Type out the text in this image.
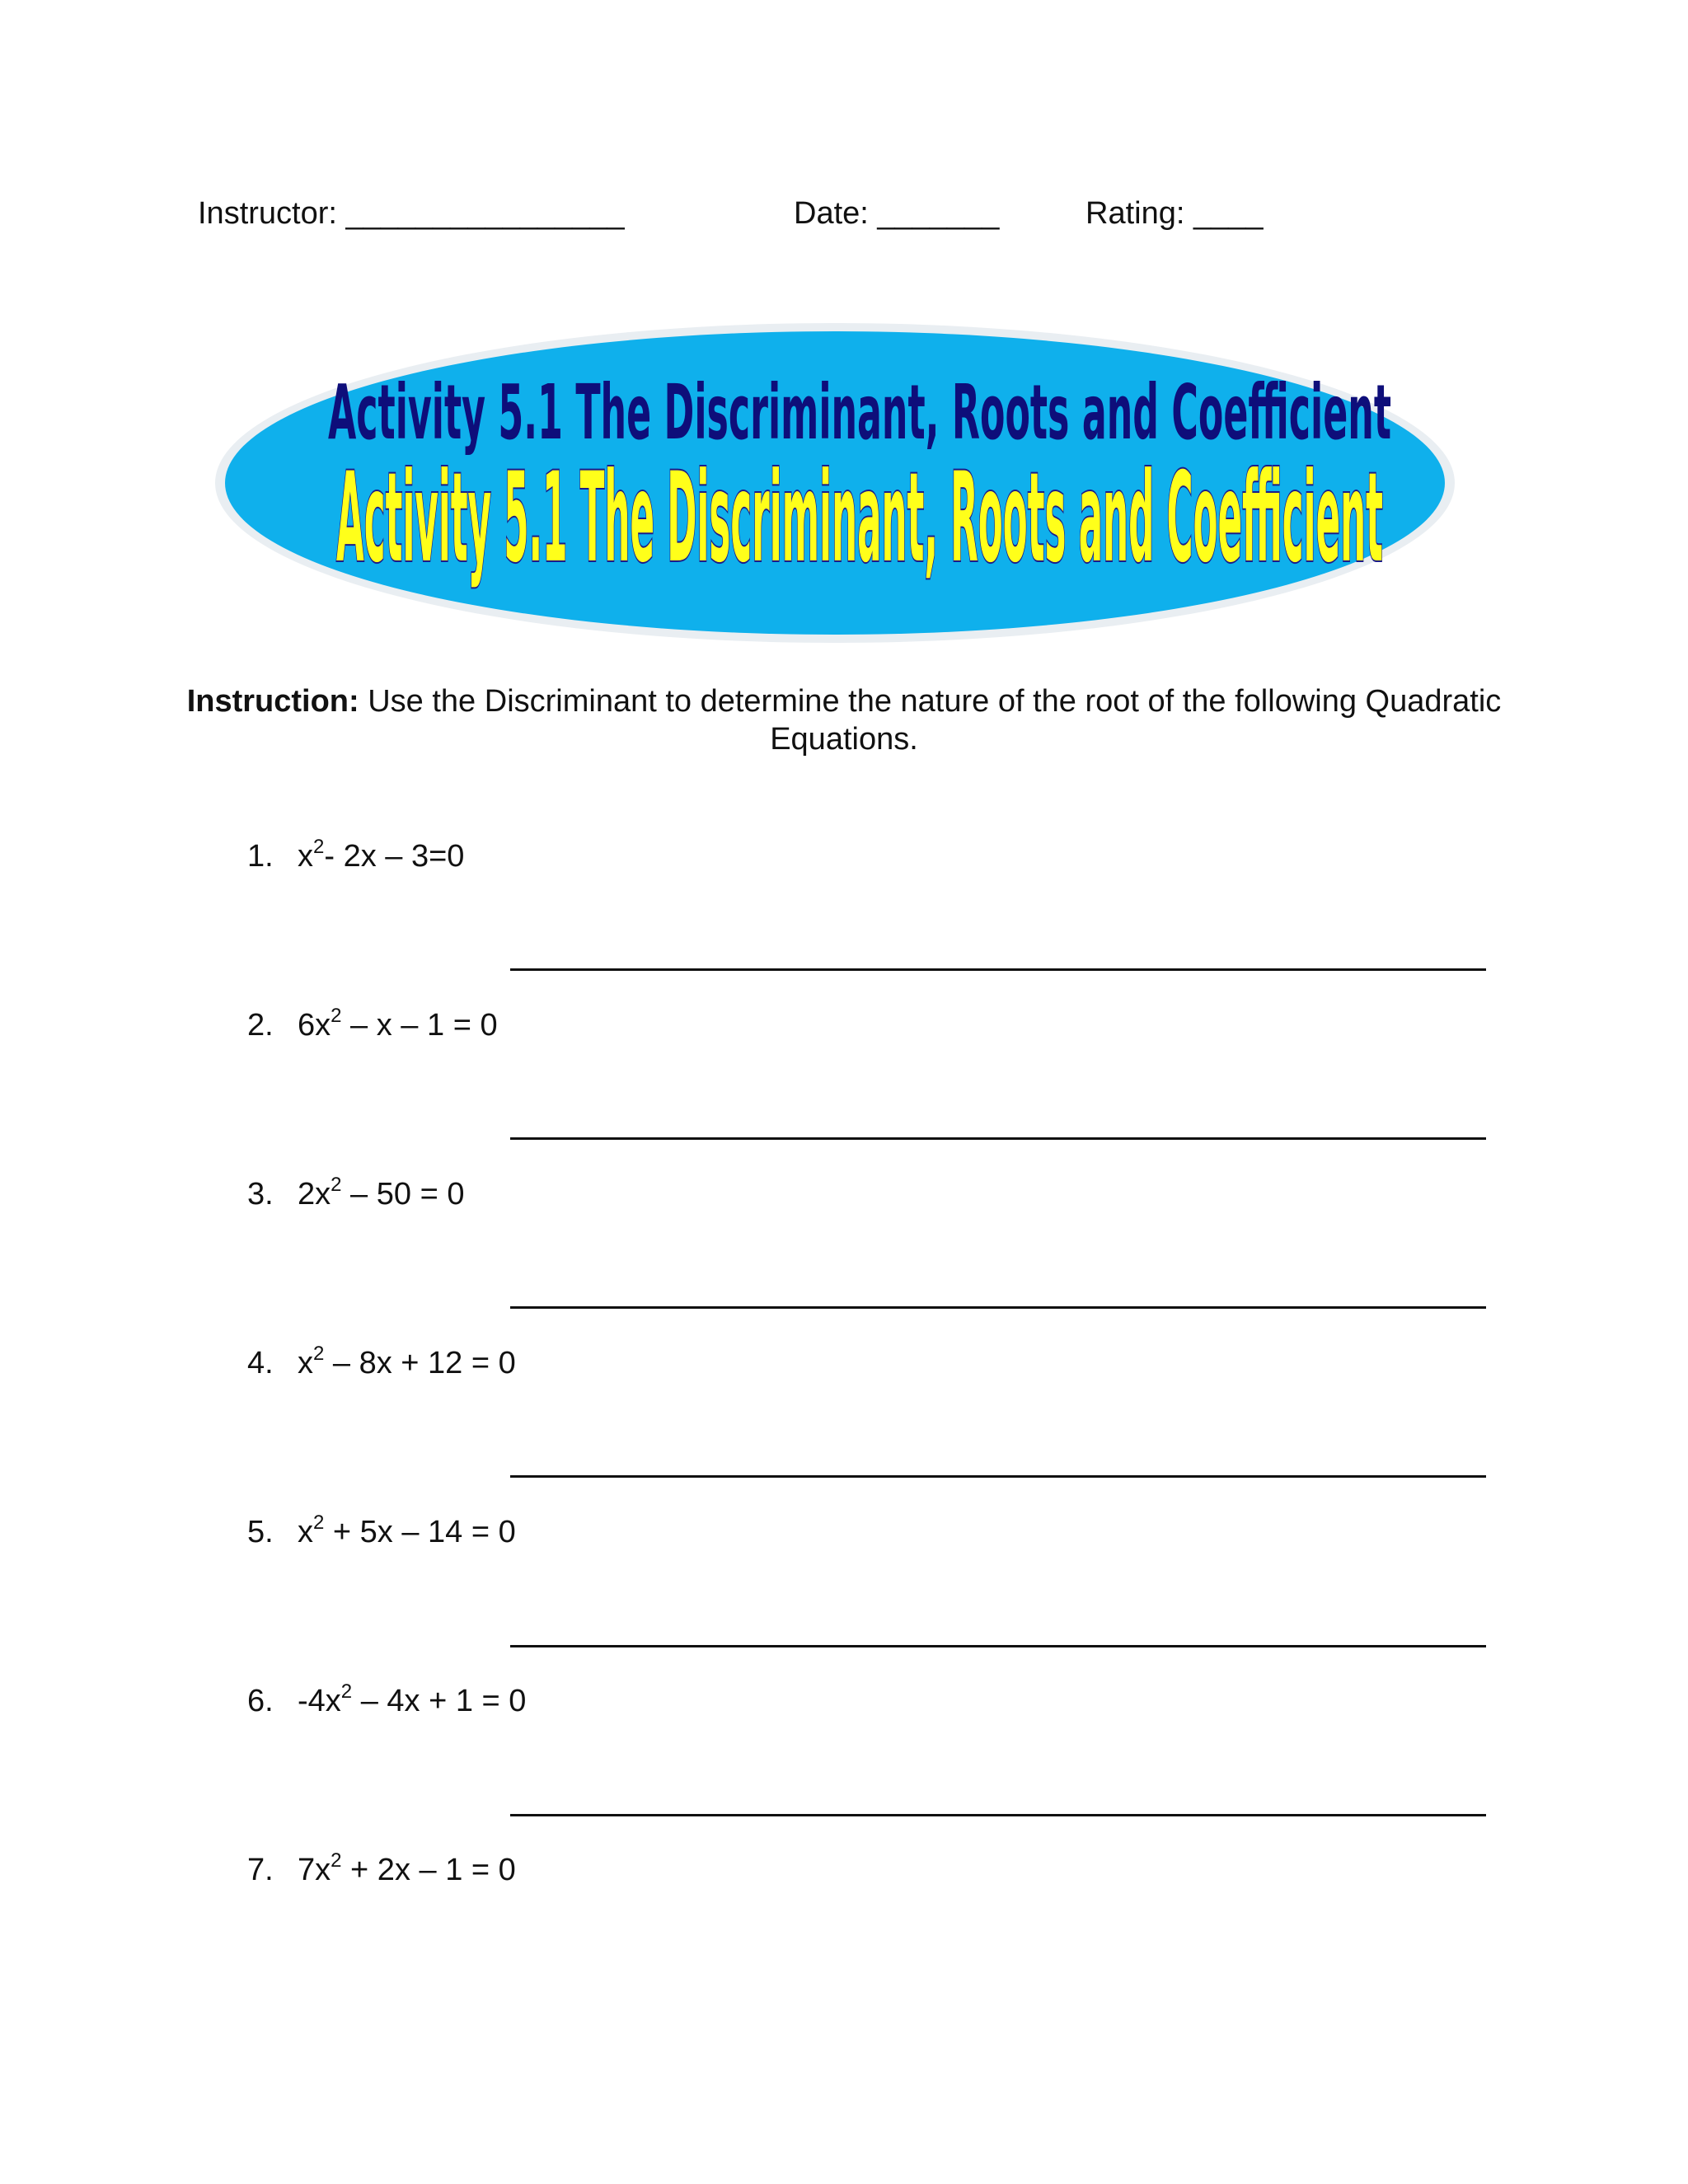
Instructor: ________________	Date: _______	Rating: ____
Activity 5.1 The Discriminant, Roots and Coefficient
Activity 5.1 The Discriminant, Roots and Coefficient
Instruction: Use the Discriminant to determine the nature of the root of the following Quadratic Equations.
1. $x^2-$ 2x – 3=0
2. $6x^2 - x - 1 = 0$
3. $2x^2 - 50 = 0$
4. $x^2 - 8x + 12 = 0$
5. $x^2 + 5x - 14 = 0$
6. $-4x^2 - 4x + 1 = 0$
7. $7x^2 + 2x - 1 = 0$
